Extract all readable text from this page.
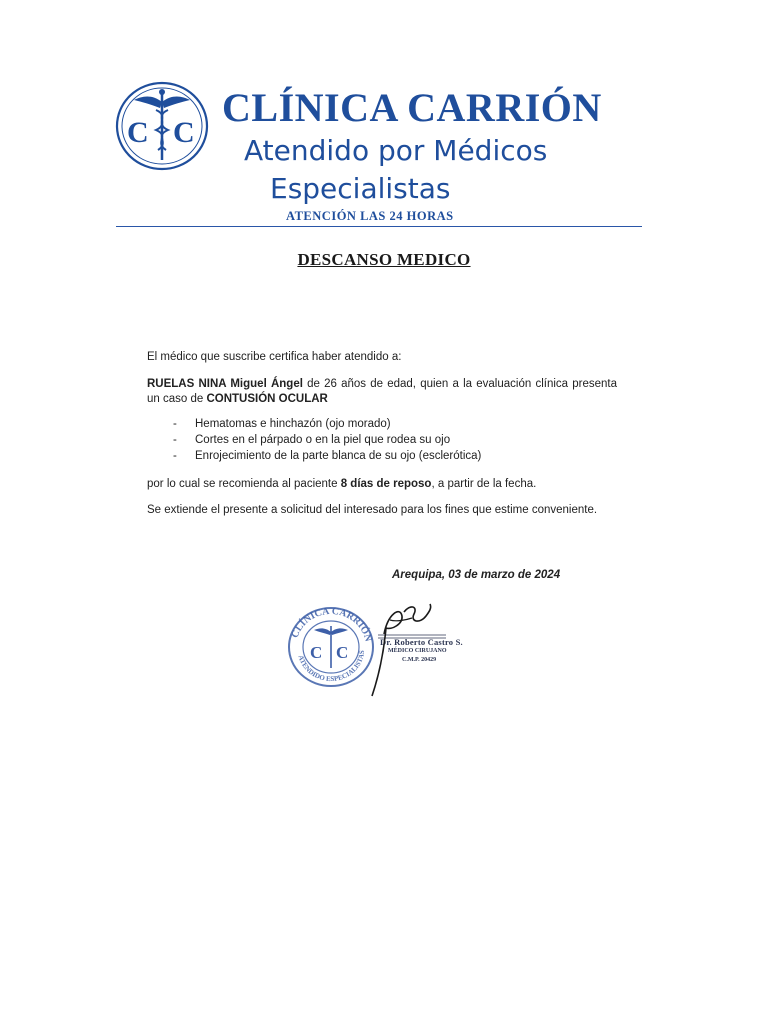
C C
CLÍNICA CARRIÓN
Atendido por Médicos
Especialistas
ATENCIÓN LAS 24 HORAS
DESCANSO MEDICO
El médico que suscribe certifica haber atendido a:
RUELAS NINA Miguel Ángel de 26 años de edad, quien a la evaluación clínica presenta un caso de CONTUSIÓN OCULAR
- Hematomas e hinchazón (ojo morado)
- Cortes en el párpado o en la piel que rodea su ojo
- Enrojecimiento de la parte blanca de su ojo (esclerótica)
por lo cual se recomienda al paciente 8 días de reposo, a partir de la fecha.
Se extiende el presente a solicitud del interesado para los fines que estime conveniente.
Arequipa, 03 de marzo de 2024
CLÍNICA CARRIÓN
ATENDIDO ESPECIALISTAS
C C
Dr. Roberto Castro S.
MÉDICO CIRUJANO
C.M.P. 20429
